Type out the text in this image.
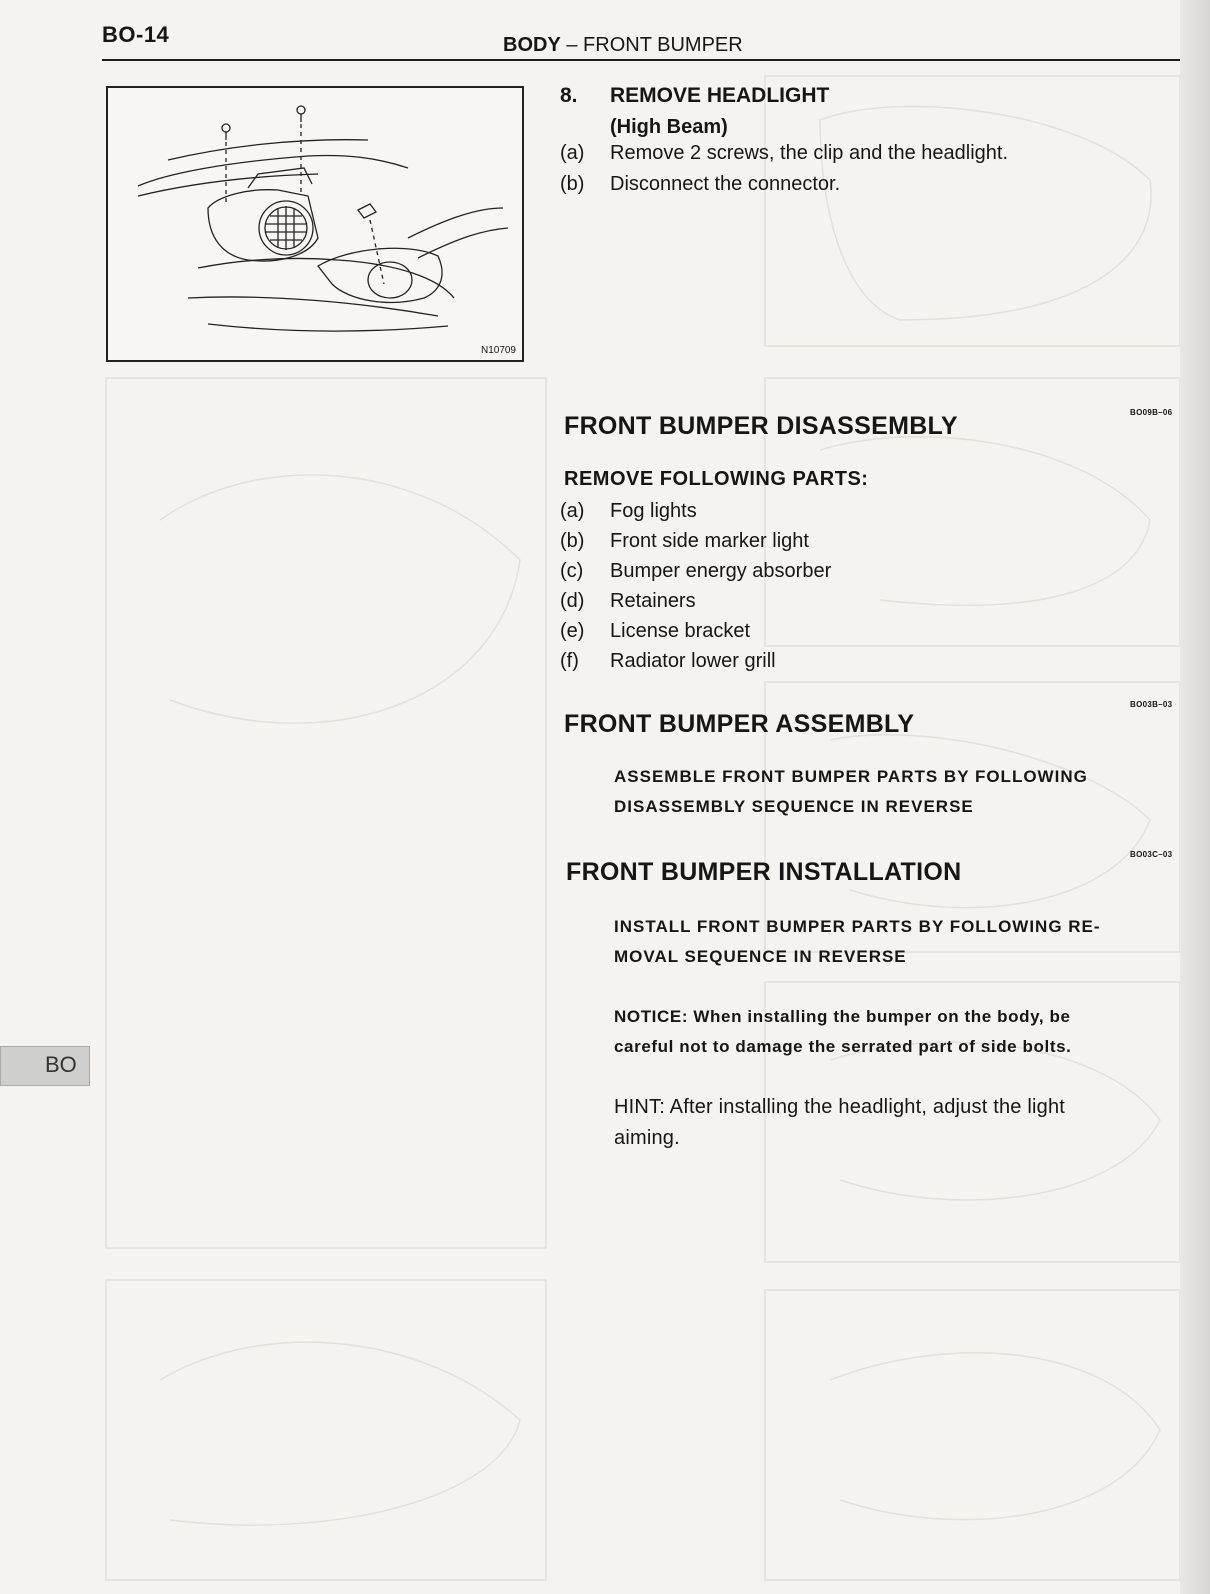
BO-14	BODY – FRONT BUMPER
N10709
8. REMOVE HEADLIGHT
(High Beam)
(a) Remove 2 screws, the clip and the headlight.
(b) Disconnect the connector.
BO09B–06
FRONT BUMPER DISASSEMBLY
REMOVE FOLLOWING PARTS:
(a) Fog lights
(b) Front side marker light
(c) Bumper energy absorber
(d) Retainers
(e) License bracket
(f) Radiator lower grill
BO03B–03
FRONT BUMPER ASSEMBLY
ASSEMBLE FRONT BUMPER PARTS BY FOLLOWING
DISASSEMBLY SEQUENCE IN REVERSE
BO03C–03
FRONT BUMPER INSTALLATION
INSTALL FRONT BUMPER PARTS BY FOLLOWING RE-
MOVAL SEQUENCE IN REVERSE
NOTICE: When installing the bumper on the body, be
careful not to damage the serrated part of side bolts.
HINT: After installing the headlight, adjust the light
aiming.
BO
